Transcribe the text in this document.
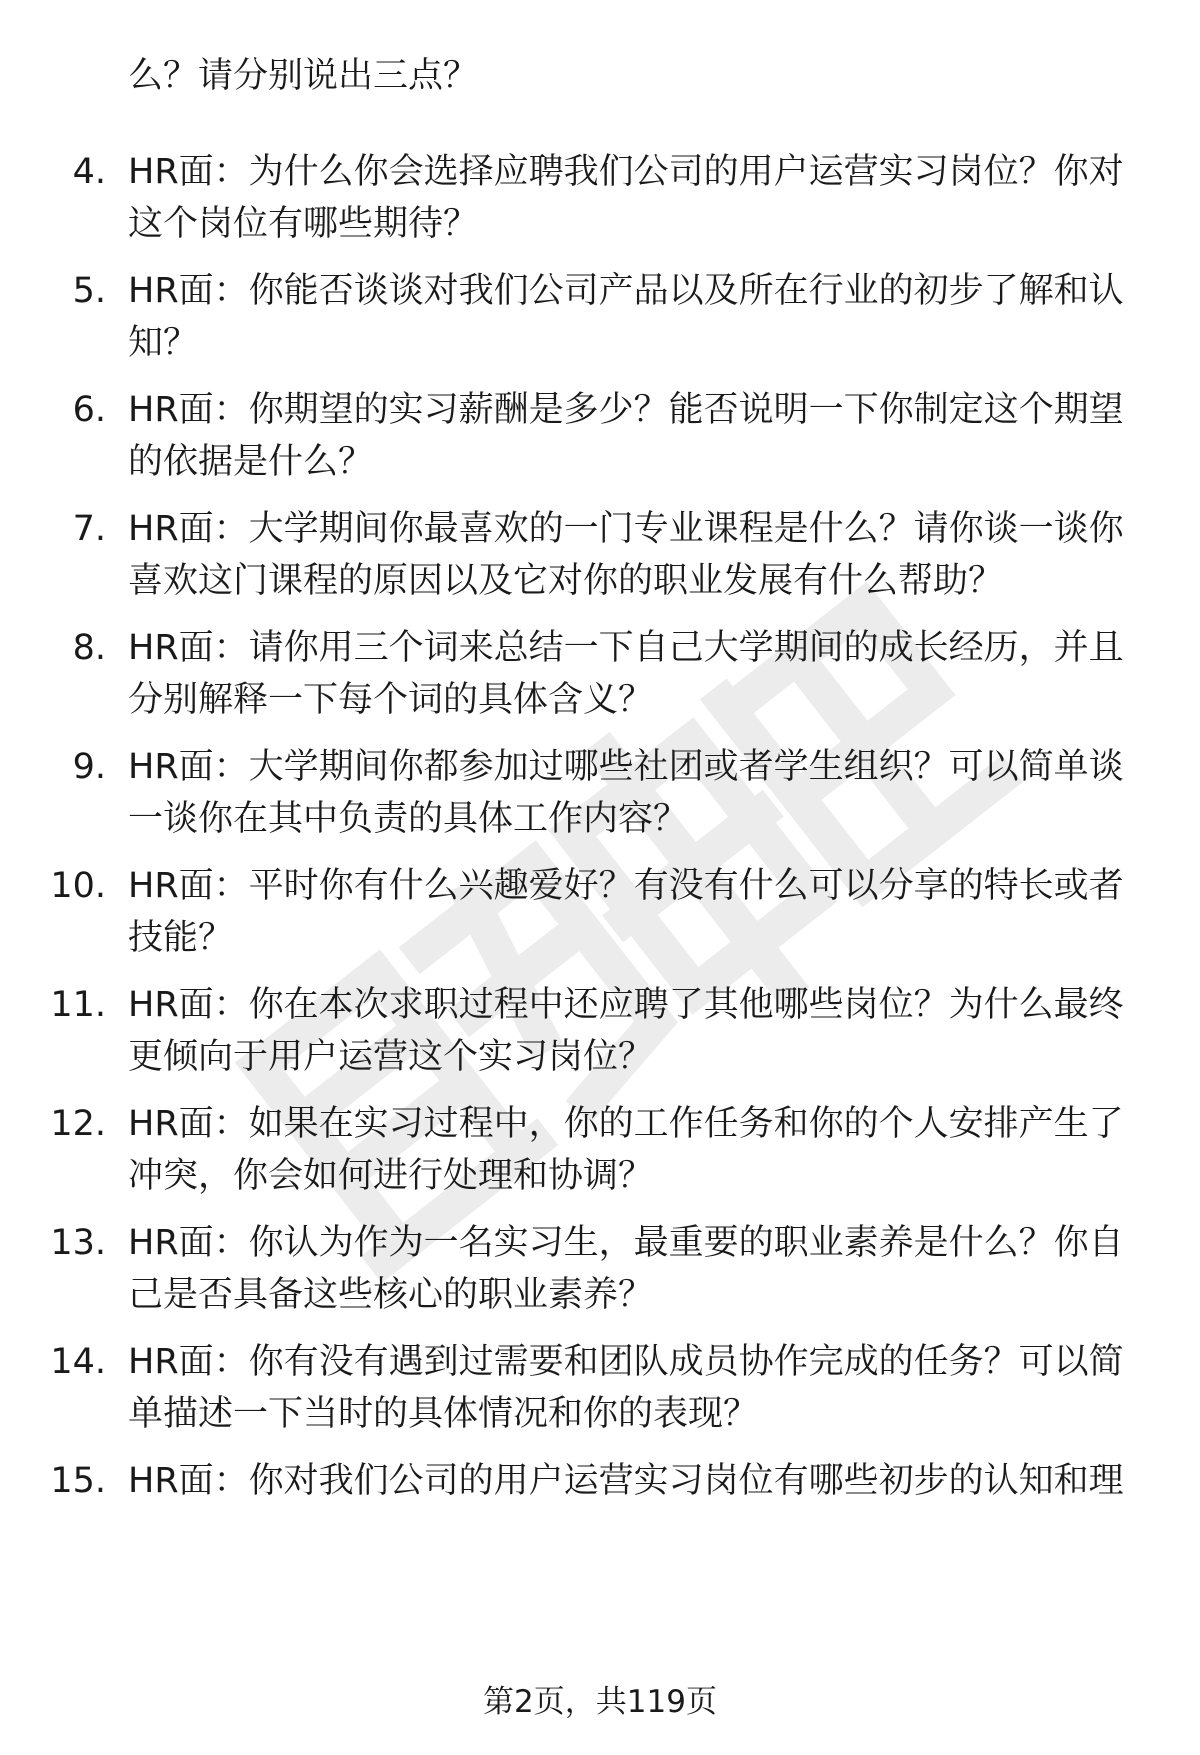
么？请分别说出三点？
4. HR面：为什么你会选择应聘我们公司的用户运营实习岗位？你对
这个岗位有哪些期待？
5. HR面：你能否谈谈对我们公司产品以及所在行业的初步了解和认
知？
6. HR面：你期望的实习薪酬是多少？能否说明一下你制定这个期望
的依据是什么？
7. HR面：大学期间你最喜欢的一门专业课程是什么？请你谈一谈你
喜欢这门课程的原因以及它对你的职业发展有什么帮助？
8. HR面：请你用三个词来总结一下自己大学期间的成长经历，并且
分别解释一下每个词的具体含义？
9. HR面：大学期间你都参加过哪些社团或者学生组织？可以简单谈
一谈你在其中负责的具体工作内容？
10. HR面：平时你有什么兴趣爱好？有没有什么可以分享的特长或者
技能？
11. HR面：你在本次求职过程中还应聘了其他哪些岗位？为什么最终
更倾向于用户运营这个实习岗位？
12. HR面：如果在实习过程中，你的工作任务和你的个人安排产生了
冲突，你会如何进行处理和协调？
13. HR面：你认为作为一名实习生，最重要的职业素养是什么？你自
己是否具备这些核心的职业素养？
14. HR面：你有没有遇到过需要和团队成员协作完成的任务？可以简
单描述一下当时的具体情况和你的表现？
15. HR面：你对我们公司的用户运营实习岗位有哪些初步的认知和理
第2页，共119页
